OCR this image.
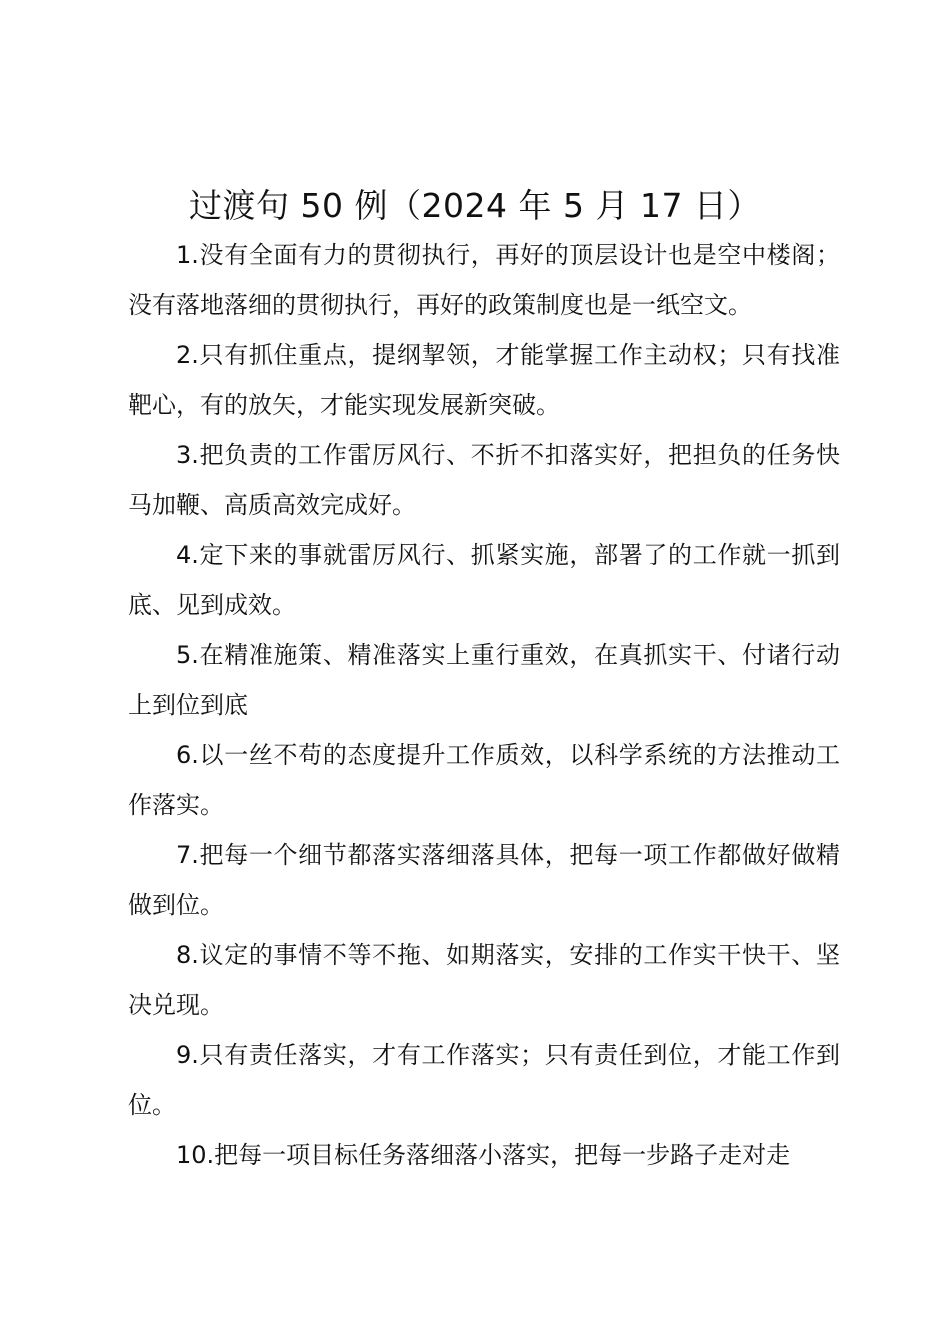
过渡句 50 例（2024 年 5 月 17 日）

1.没有全面有力的贯彻执行，再好的顶层设计也是空中楼阁；没有落地落细的贯彻执行，再好的政策制度也是一纸空文。

2.只有抓住重点，提纲挈领，才能掌握工作主动权；只有找准靶心，有的放矢，才能实现发展新突破。

3.把负责的工作雷厉风行、不折不扣落实好，把担负的任务快马加鞭、高质高效完成好。

4.定下来的事就雷厉风行、抓紧实施，部署了的工作就一抓到底、见到成效。

5.在精准施策、精准落实上重行重效，在真抓实干、付诸行动上到位到底

6.以一丝不苟的态度提升工作质效，以科学系统的方法推动工作落实。

7.把每一个细节都落实落细落具体，把每一项工作都做好做精做到位。

8.议定的事情不等不拖、如期落实，安排的工作实干快干、坚决兑现。

9.只有责任落实，才有工作落实；只有责任到位，才能工作到位。

10.把每一项目标任务落细落小落实，把每一步路子走对走
